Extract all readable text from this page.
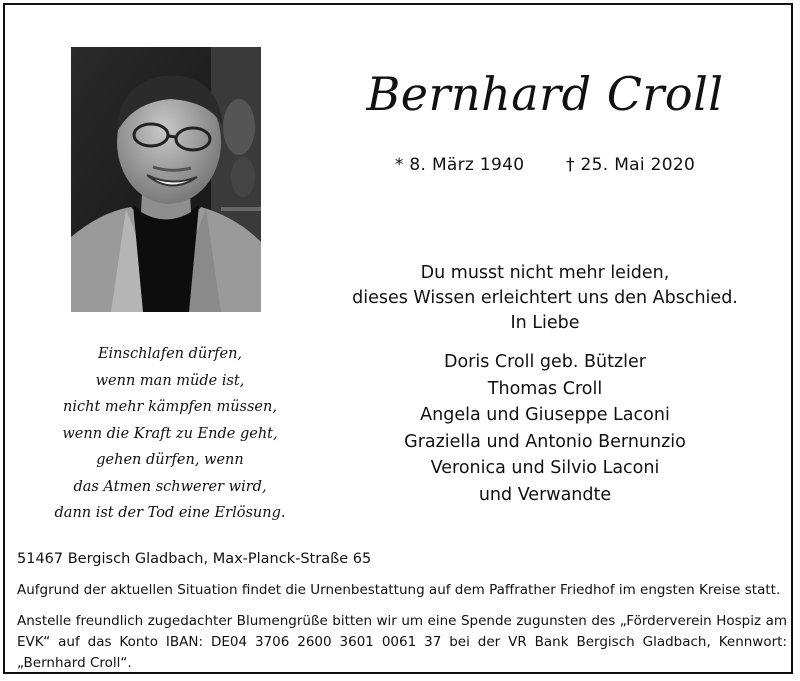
Bernhard Croll
* 8. März 1940 † 25. Mai 2020
Einschlafen dürfen,
wenn man müde ist,
nicht mehr kämpfen müssen,
wenn die Kraft zu Ende geht,
gehen dürfen, wenn
das Atmen schwerer wird,
dann ist der Tod eine Erlösung.
Du musst nicht mehr leiden,
dieses Wissen erleichtert uns den Abschied.
In Liebe
Doris Croll geb. Bützler
Thomas Croll
Angela und Giuseppe Laconi
Graziella und Antonio Bernunzio
Veronica und Silvio Laconi
und Verwandte
51467 Bergisch Gladbach, Max-Planck-Straße 65
Aufgrund der aktuellen Situation findet die Urnenbestattung auf dem Paffrather Friedhof im engsten Kreise statt.
Anstelle freundlich zugedachter Blumengrüße bitten wir um eine Spende zugunsten des „Förderverein Hospiz am EVK“ auf das Konto IBAN: DE04 3706 2600 3601 0061 37 bei der VR Bank Bergisch Gladbach, Kennwort: „Bernhard Croll“.
